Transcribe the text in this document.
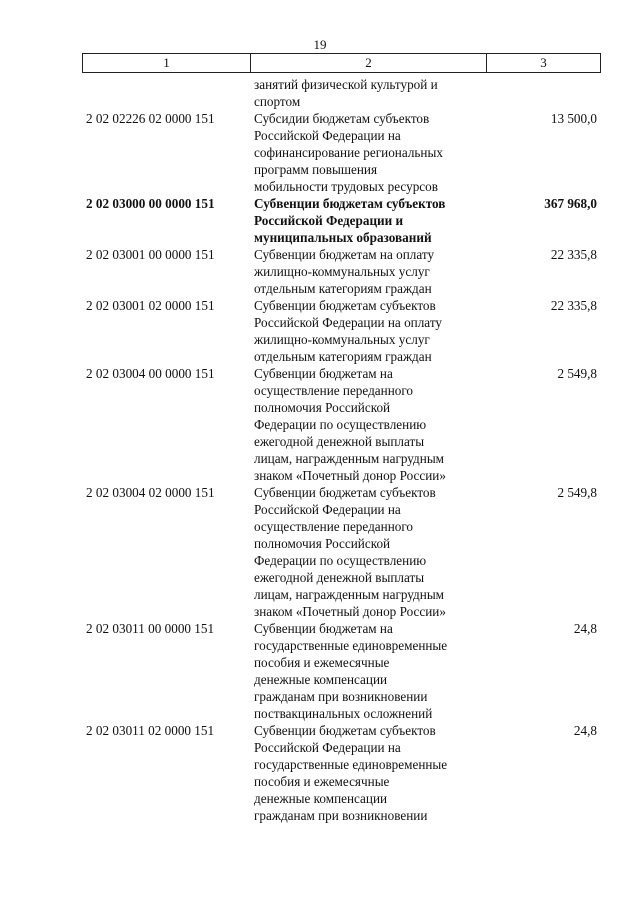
19
1	2	3
занятий физической культурой и
спортом
2 02 02226 02 0000 151	Субсидии бюджетам субъектов
Российской Федерации на
софинансирование региональных
программ повышения
мобильности трудовых ресурсов
13 500,0
2 02 03000 00 0000 151	Субвенции бюджетам субъектов
Российской Федерации и
муниципальных образований
367 968,0
2 02 03001 00 0000 151	Субвенции бюджетам на оплату
жилищно-коммунальных услуг
отдельным категориям граждан
22 335,8
2 02 03001 02 0000 151	Субвенции бюджетам субъектов
Российской Федерации на оплату
жилищно-коммунальных услуг
отдельным категориям граждан
22 335,8
2 02 03004 00 0000 151	Субвенции бюджетам на
осуществление переданного
полномочия Российской
Федерации по осуществлению
ежегодной денежной выплаты
лицам, награжденным нагрудным
знаком «Почетный донор России»
2 549,8
2 02 03004 02 0000 151	Субвенции бюджетам субъектов
Российской Федерации на
осуществление переданного
полномочия Российской
Федерации по осуществлению
ежегодной денежной выплаты
лицам, награжденным нагрудным
знаком «Почетный донор России»
2 549,8
2 02 03011 00 0000 151	Субвенции бюджетам на
государственные единовременные
пособия и ежемесячные
денежные компенсации
гражданам при возникновении
поствакцинальных осложнений
24,8
2 02 03011 02 0000 151	Субвенции бюджетам субъектов
Российской Федерации на
государственные единовременные
пособия и ежемесячные
денежные компенсации
гражданам при возникновении
24,8
